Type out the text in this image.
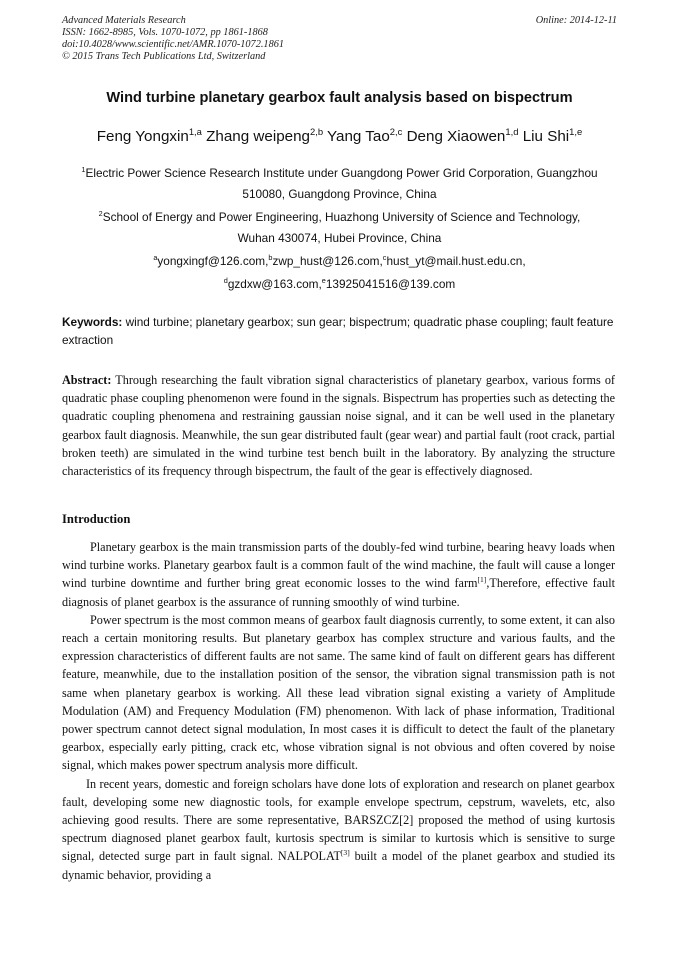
Advanced Materials Research
ISSN: 1662-8985, Vols. 1070-1072, pp 1861-1868
doi:10.4028/www.scientific.net/AMR.1070-1072.1861
© 2015 Trans Tech Publications Ltd, Switzerland
Online: 2014-12-11
Wind turbine planetary gearbox fault analysis based on bispectrum
Feng Yongxin$^{1,a}$ Zhang weipeng$^{2,b}$ Yang Tao$^{2,c}$ Deng Xiaowen$^{1,d}$ Liu Shi$^{1,e}$
$^1$Electric Power Science Research Institute under Guangdong Power Grid Corporation, Guangzhou
510080, Guangdong Province, China
$^2$School of Energy and Power Engineering, Huazhong University of Science and Technology,
Wuhan 430074, Hubei Province, China
$^a$yongxingf@126.com,$^b$zwp_hust@126.com,$^c$hust_yt@mail.hust.edu.cn,
$^d$gzdxw@163.com,$^e$13925041516@139.com
Keywords: wind turbine; planetary gearbox; sun gear; bispectrum; quadratic phase coupling; fault feature extraction

Abstract: Through researching the fault vibration signal characteristics of planetary gearbox, various forms of quadratic phase coupling phenomenon were found in the signals. Bispectrum has properties such as detecting the quadratic coupling phenomena and restraining gaussian noise signal, and it can be well used in the planetary gearbox fault diagnosis. Meanwhile, the sun gear distributed fault (gear wear) and partial fault (root crack, partial broken teeth) are simulated in the wind turbine test bench built in the laboratory. By analyzing the structure characteristics of its frequency through bispectrum, the fault of the gear is effectively diagnosed.

Introduction

Planetary gearbox is the main transmission parts of the doubly-fed wind turbine, bearing heavy loads when wind turbine works. Planetary gearbox fault is a common fault of the wind machine, the fault will cause a longer wind turbine downtime and further bring great economic losses to the wind farm[1],Therefore, effective fault diagnosis of planet gearbox is the assurance of running smoothly of wind turbine.

Power spectrum is the most common means of gearbox fault diagnosis currently, to some extent, it can also reach a certain monitoring results. But planetary gearbox has complex structure and various faults, and the expression characteristics of different faults are not same. The same kind of fault on different gears has different feature, meanwhile, due to the installation position of the sensor, the vibration signal transmission path is not same when planetary gearbox is working. All these lead vibration signal existing a variety of Amplitude Modulation (AM) and Frequency Modulation (FM) phenomenon. With lack of phase information, Traditional power spectrum cannot detect signal modulation, In most cases it is difficult to detect the fault of the planetary gearbox, especially early pitting, crack etc, whose vibration signal is not obvious and often covered by noise signal, which makes power spectrum analysis more difficult.

In recent years, domestic and foreign scholars have done lots of exploration and research on planet gearbox fault, developing some new diagnostic tools, for example envelope spectrum, cepstrum, wavelets, etc, also achieving good results. There are some representative, BARSZCZ[2] proposed the method of using kurtosis spectrum diagnosed planet gearbox fault, kurtosis spectrum is similar to kurtosis which is sensitive to surge signal, detected surge part in fault signal. NALPOLAT[3] built a model of the planet gearbox and studied its dynamic behavior, providing a
